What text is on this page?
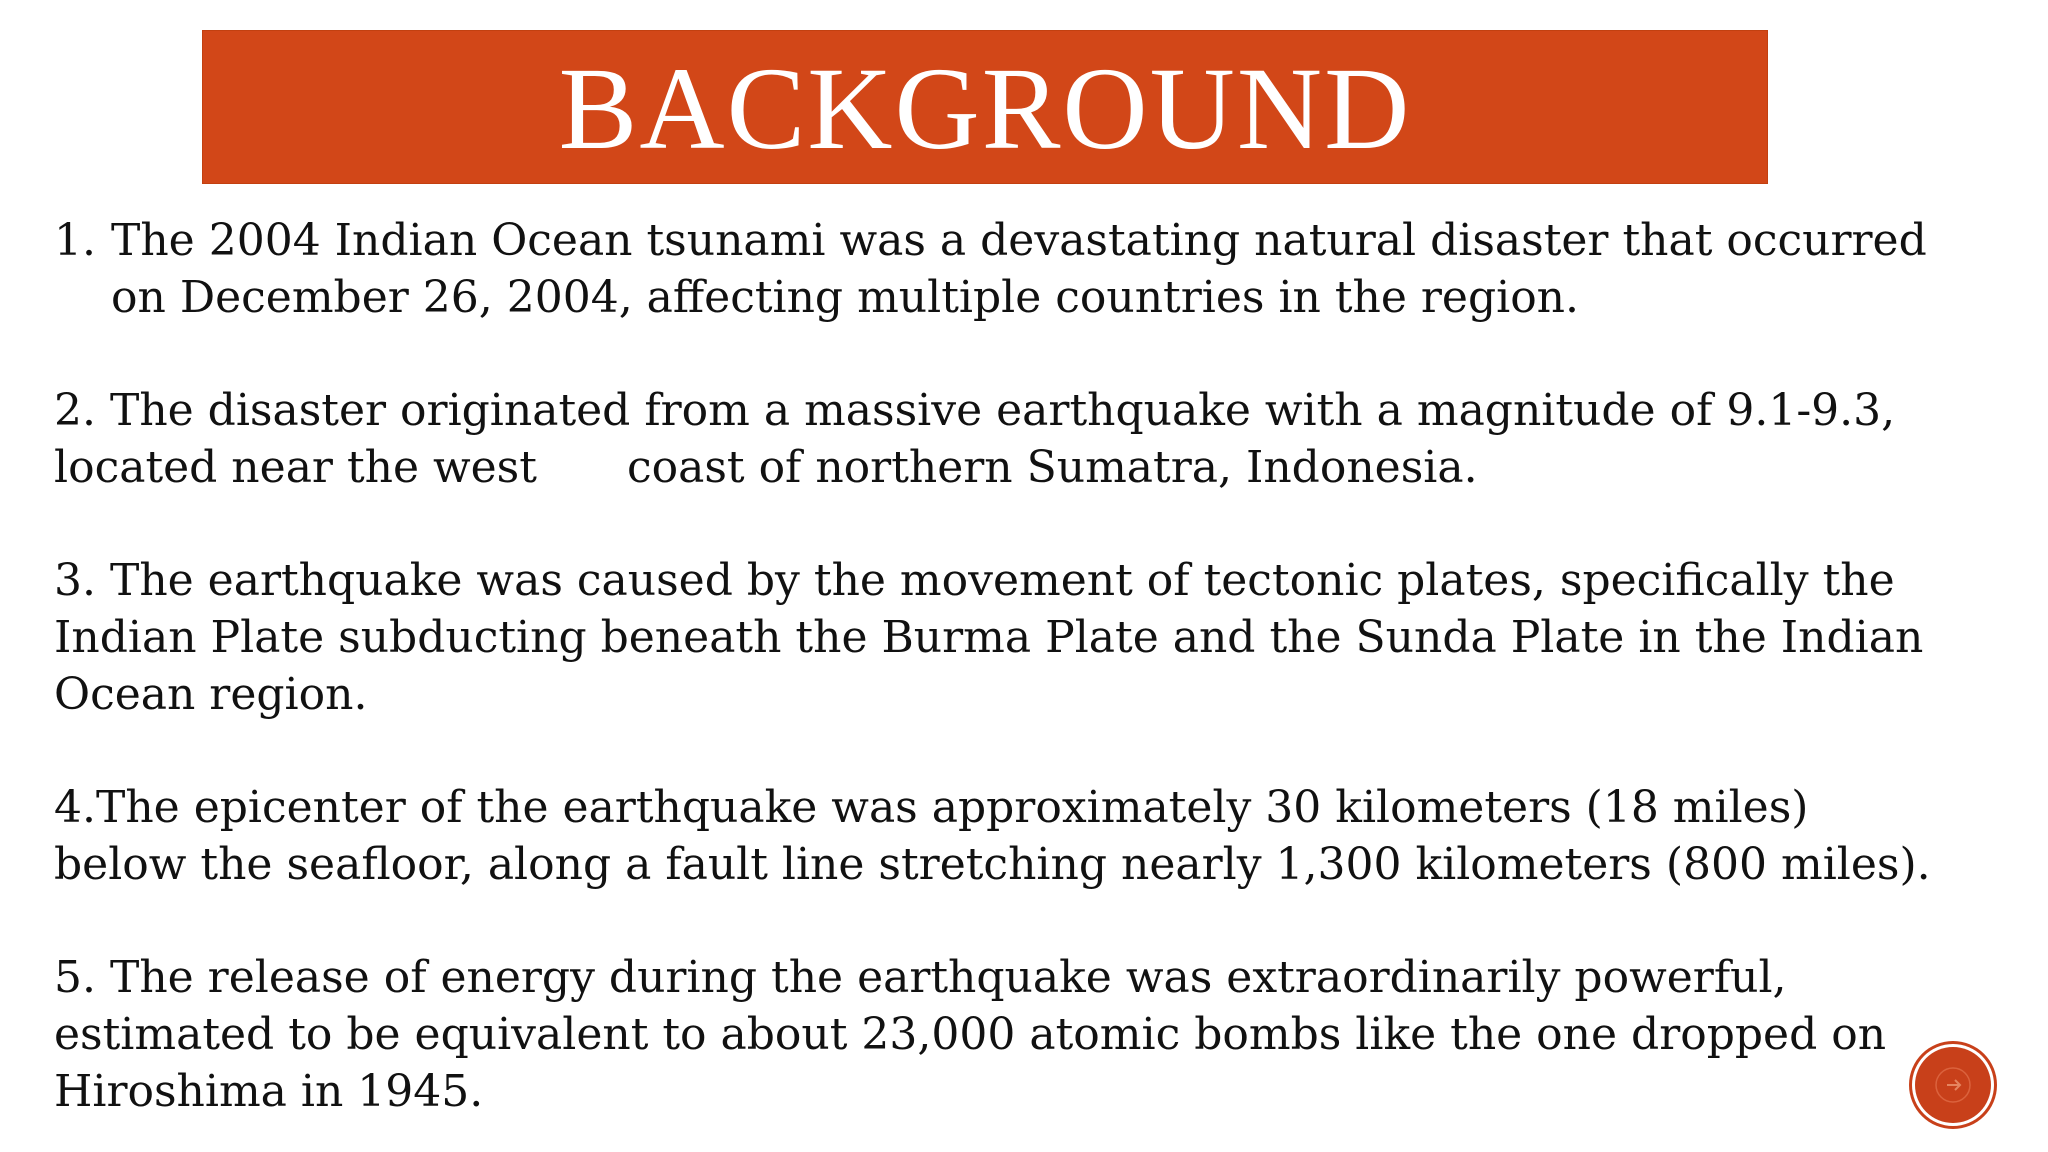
BACKGROUND
1. The 2004 Indian Ocean tsunami was a devastating natural disaster that occurred on December 26, 2004, affecting multiple countries in the region.
2. The disaster originated from a massive earthquake with a magnitude of 9.1-9.3,
located near the west coast of northern Sumatra, Indonesia.
3. The earthquake was caused by the movement of tectonic plates, specifically the Indian Plate subducting beneath the Burma Plate and the Sunda Plate in the Indian Ocean region.
4.The epicenter of the earthquake was approximately 30 kilometers (18 miles) below the seafloor, along a fault line stretching nearly 1,300 kilometers (800 miles).
5. The release of energy during the earthquake was extraordinarily powerful, estimated to be equivalent to about 23,000 atomic bombs like the one dropped on Hiroshima in 1945.
